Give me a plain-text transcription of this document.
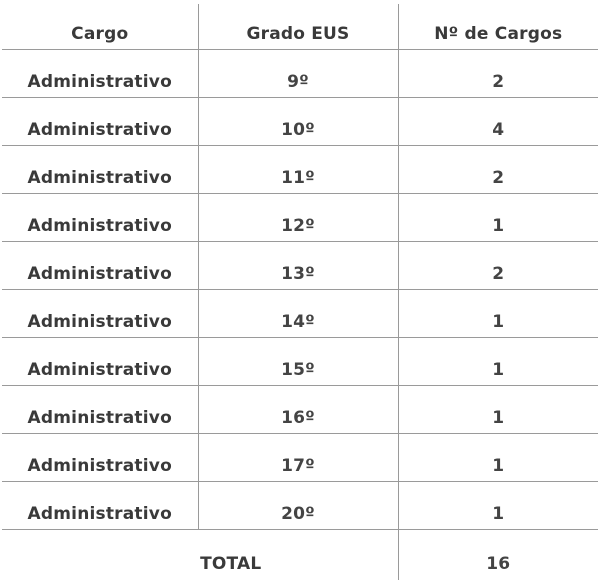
Cargo	Grado EUS	Nº de Cargos
Administrativo	9º	2
Administrativo	10º	4
Administrativo	11º	2
Administrativo	12º	1
Administrativo	13º	2
Administrativo	14º	1
Administrativo	15º	1
Administrativo	16º	1
Administrativo	17º	1
Administrativo	20º	1
TOTAL		16
